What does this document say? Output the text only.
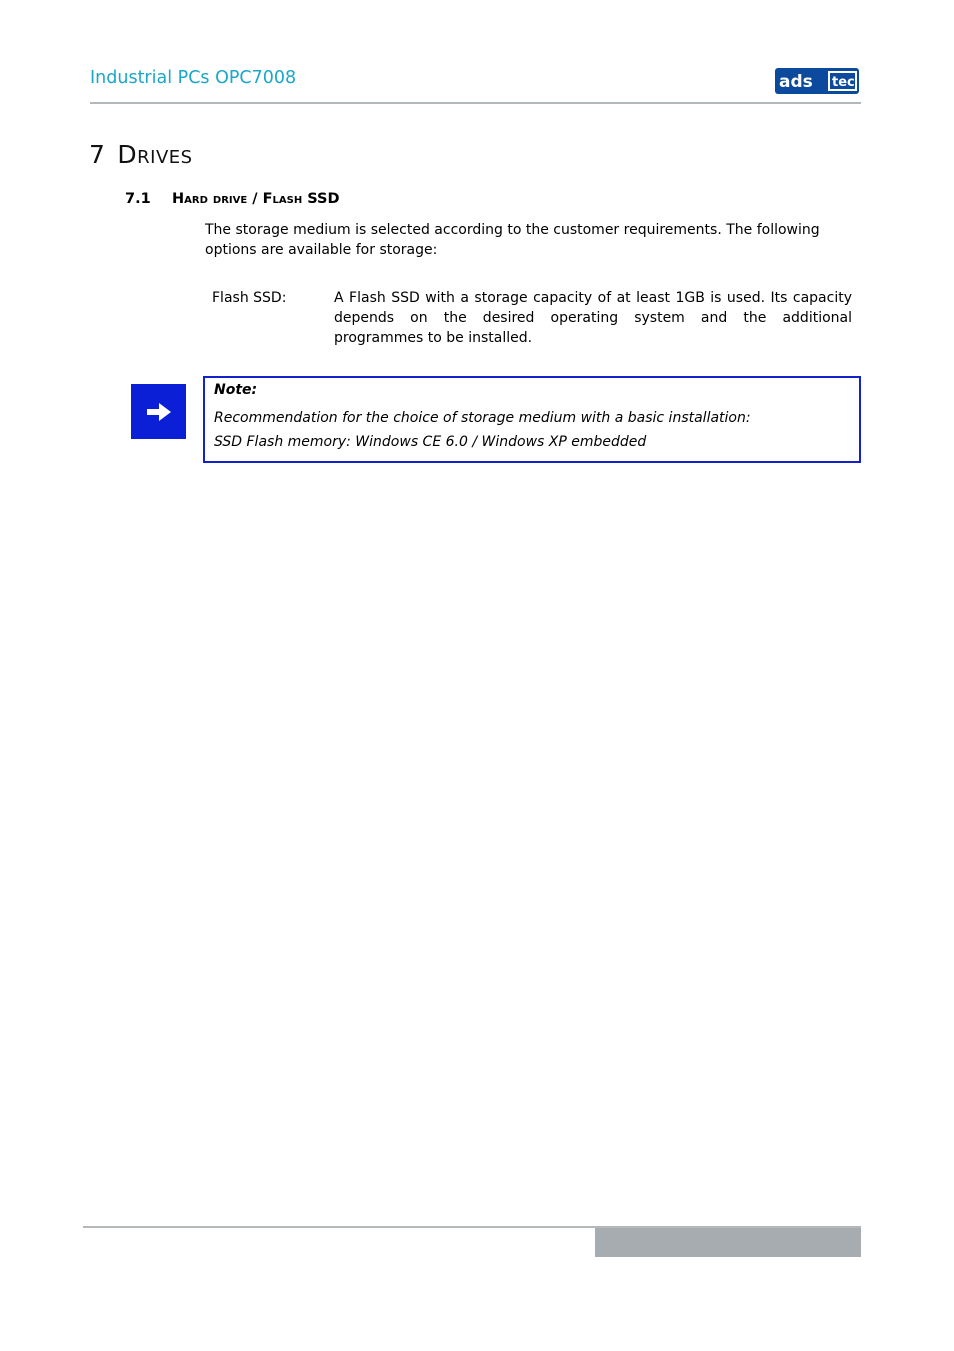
Industrial PCs OPC7008	ads tec
7 Drives
7.1 Hard drive / Flash SSD
The storage medium is selected according to the customer requirements. The following options are available for storage:
Flash SSD:	A Flash SSD with a storage capacity of at least 1GB is used. Its capacity depends on the desired operating system and the additional programmes to be installed.
Note:
Recommendation for the choice of storage medium with a basic installation:
SSD Flash memory: Windows CE 6.0 / Windows XP embedded
